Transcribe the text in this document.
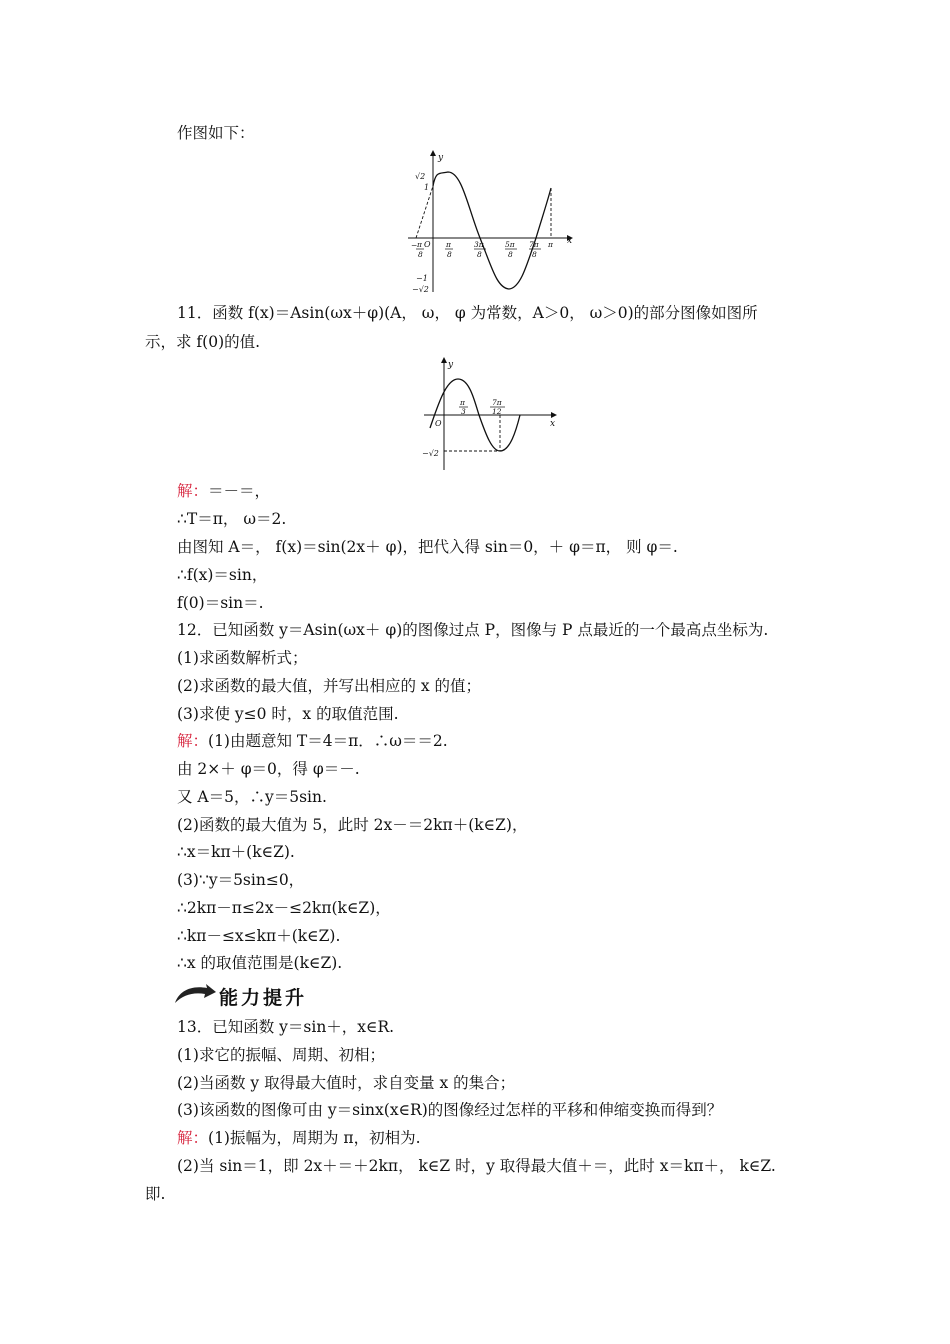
作图如下：
y
x
O
√2
1
−1
−√2
− π
8
π
8
3π
8
5π
8
7π
8
π
11．函数 f(x)＝Asin(ωx＋φ)(A， ω， φ 为常数，A＞0， ω＞0)的部分图像如图所
示，求 f(0)的值.
y
x
O
−√2
π
3
7π
12
解：＝－＝，
∴T＝π， ω＝2.
由图知 A＝， f(x)＝sin(2x＋ φ)，把代入得 sin＝0，＋ φ＝π， 则 φ＝.
∴f(x)＝sin，
f(0)＝sin＝.
12．已知函数 y＝Asin(ωx＋ φ)的图像过点 P，图像与 P 点最近的一个最高点坐标为.
(1)求函数解析式；
(2)求函数的最大值，并写出相应的 x 的值；
(3)求使 y≤0 时，x 的取值范围.
解：(1)由题意知 T＝4＝π．∴ω＝＝2.
由 2×＋ φ＝0，得 φ＝－.
又 A＝5，∴y＝5sin.
(2)函数的最大值为 5，此时 2x－＝2kπ＋(k∈Z)，
∴x＝kπ＋(k∈Z).
(3)∵y＝5sin≤0，
∴2kπ－π≤2x－≤2kπ(k∈Z)，
∴kπ－≤x≤kπ＋(k∈Z).
∴x 的取值范围是(k∈Z).
能力提升
13．已知函数 y＝sin＋，x∈R.
(1)求它的振幅、周期、初相；
(2)当函数 y 取得最大值时，求自变量 x 的集合；
(3)该函数的图像可由 y＝sinx(x∈R)的图像经过怎样的平移和伸缩变换而得到？
解：(1)振幅为，周期为 π，初相为.
(2)当 sin＝1，即 2x＋＝＋2kπ， k∈Z 时，y 取得最大值＋＝，此时 x＝kπ＋， k∈Z.
即.
